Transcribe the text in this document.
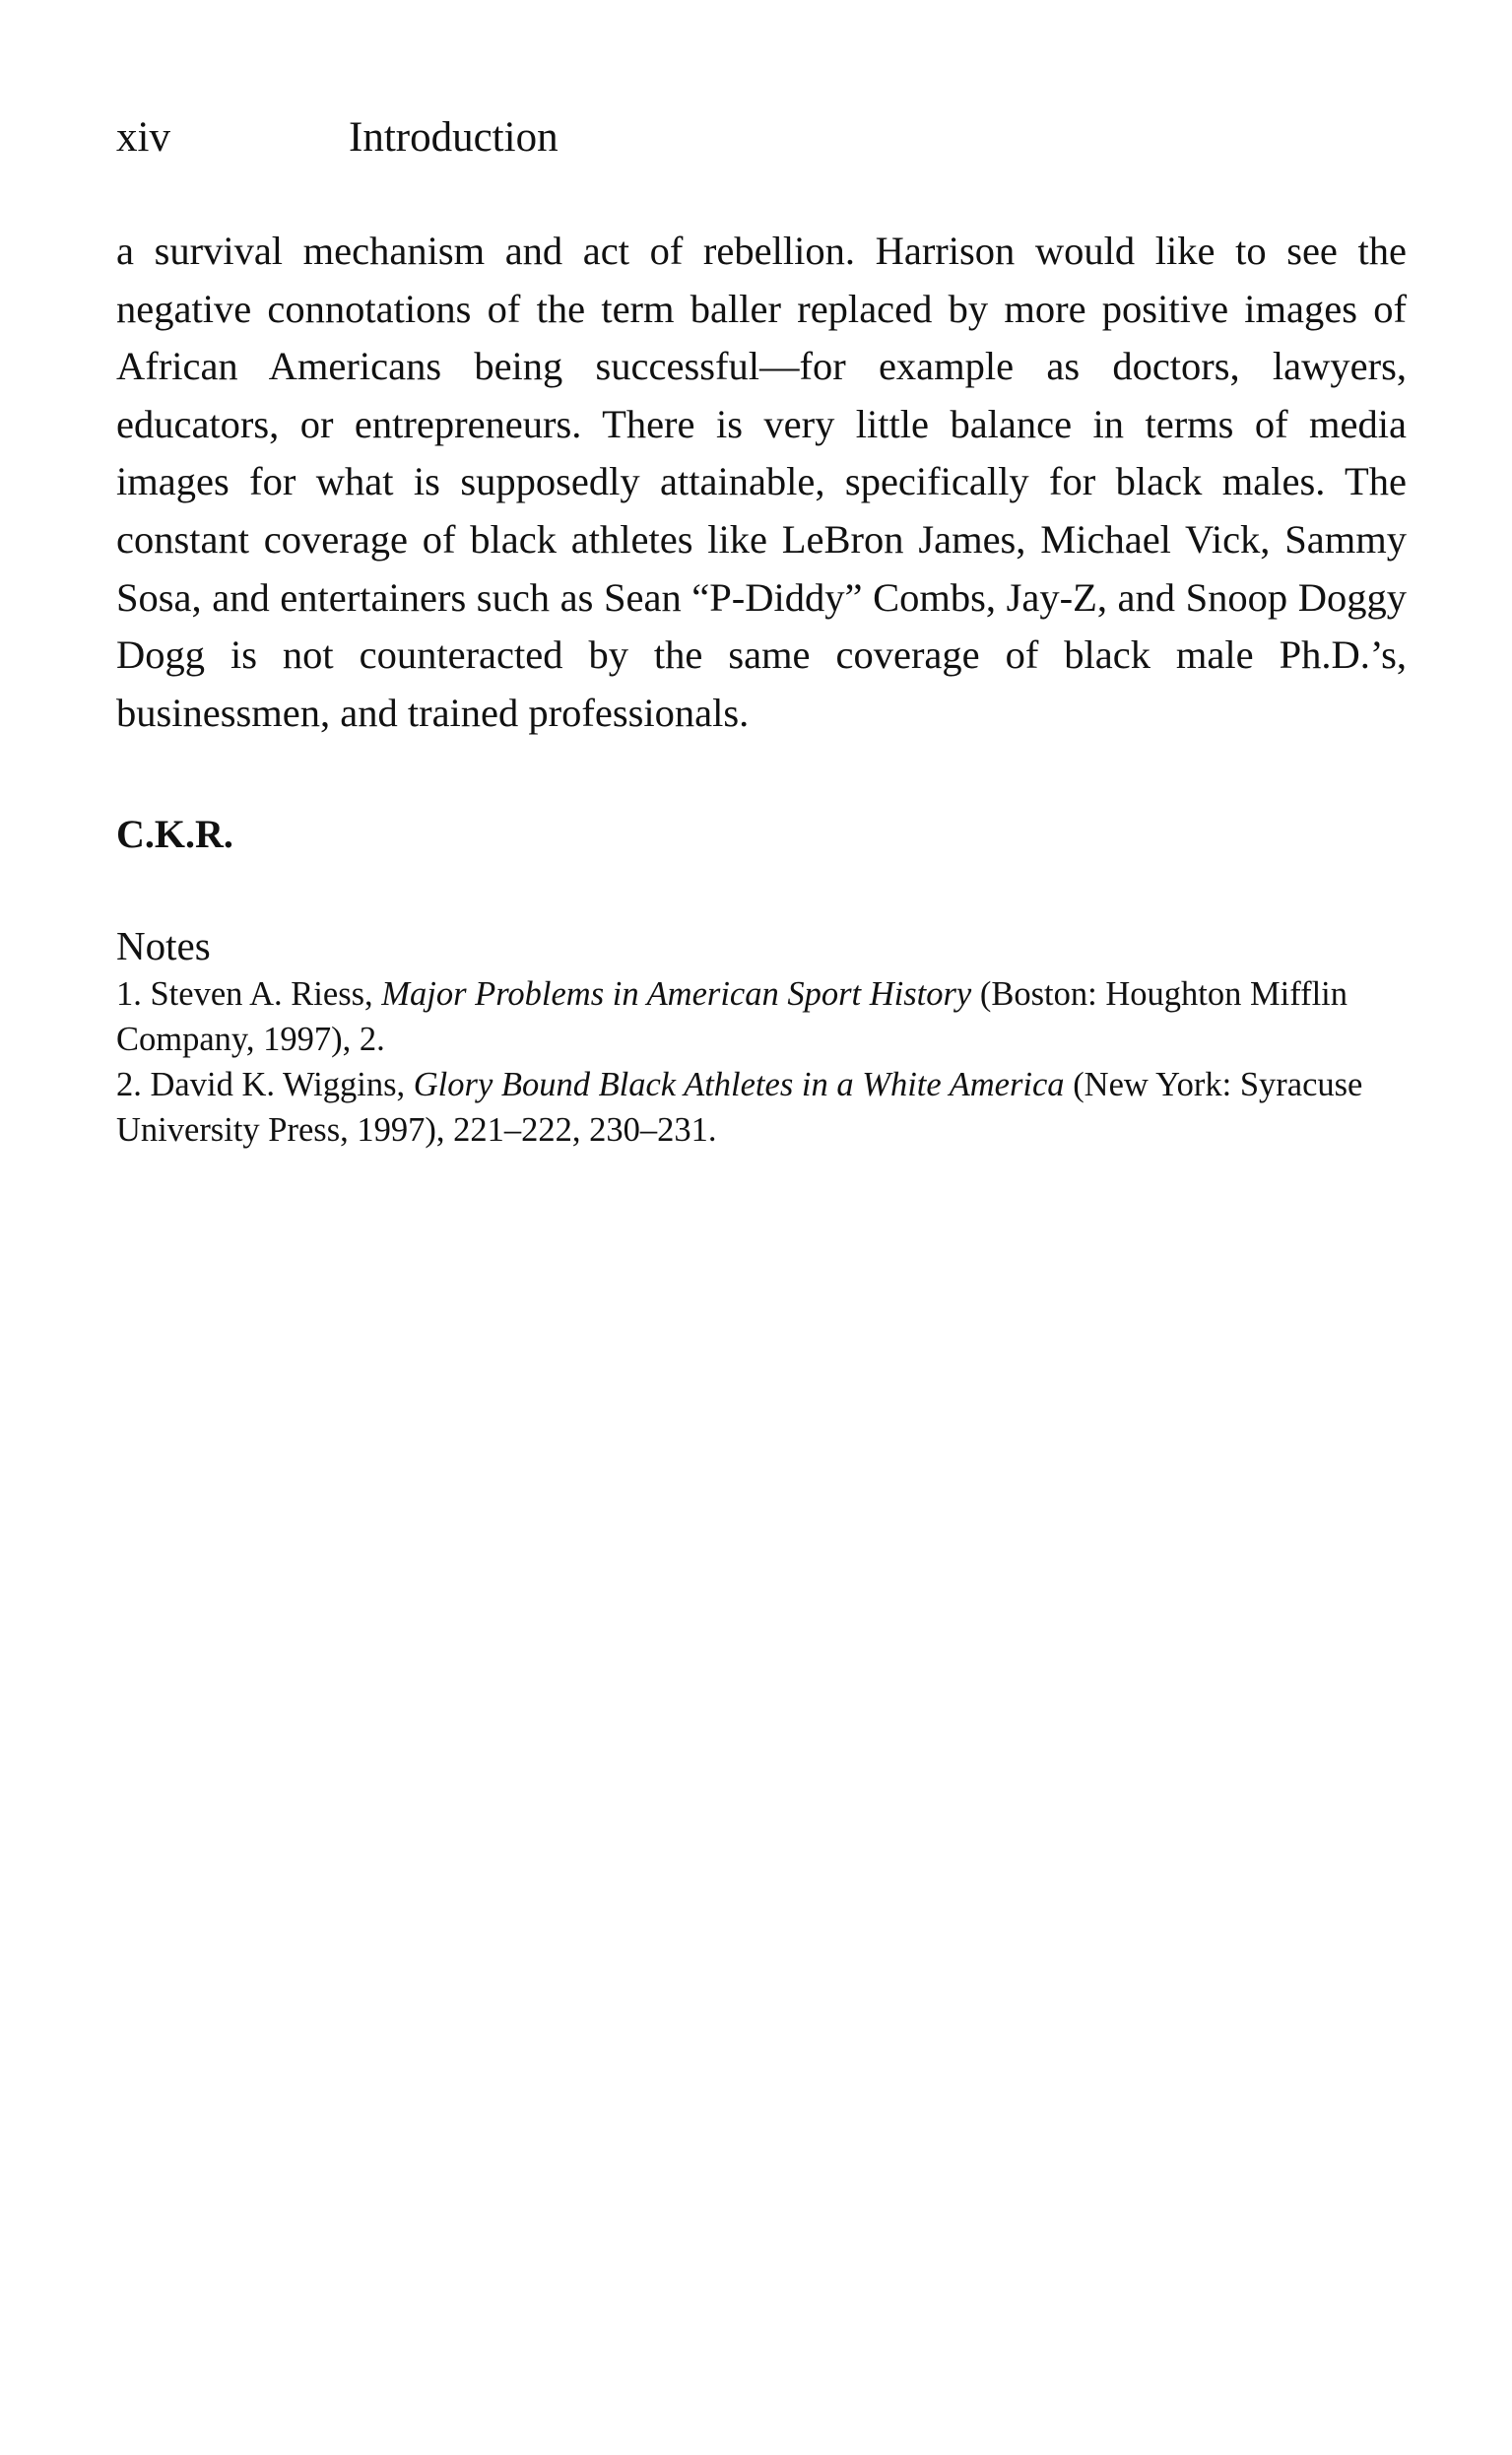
xiv	Introduction

a survival mechanism and act of rebellion. Harrison would like to see the negative connotations of the term baller replaced by more positive images of African Americans being successful—for example as doctors, lawyers, educators, or entrepreneurs. There is very little balance in terms of media images for what is supposedly attainable, specifically for black males. The constant coverage of black athletes like LeBron James, Michael Vick, Sammy Sosa, and entertainers such as Sean “P-Diddy” Combs, Jay-Z, and Snoop Doggy Dogg is not counteracted by the same coverage of black male Ph.D.’s, businessmen, and trained professionals.

C.K.R.

Notes
1. Steven A. Riess, Major Problems in American Sport History (Boston: Houghton Mifflin Company, 1997), 2.
2. David K. Wiggins, Glory Bound Black Athletes in a White America (New York: Syracuse University Press, 1997), 221–222, 230–231.
